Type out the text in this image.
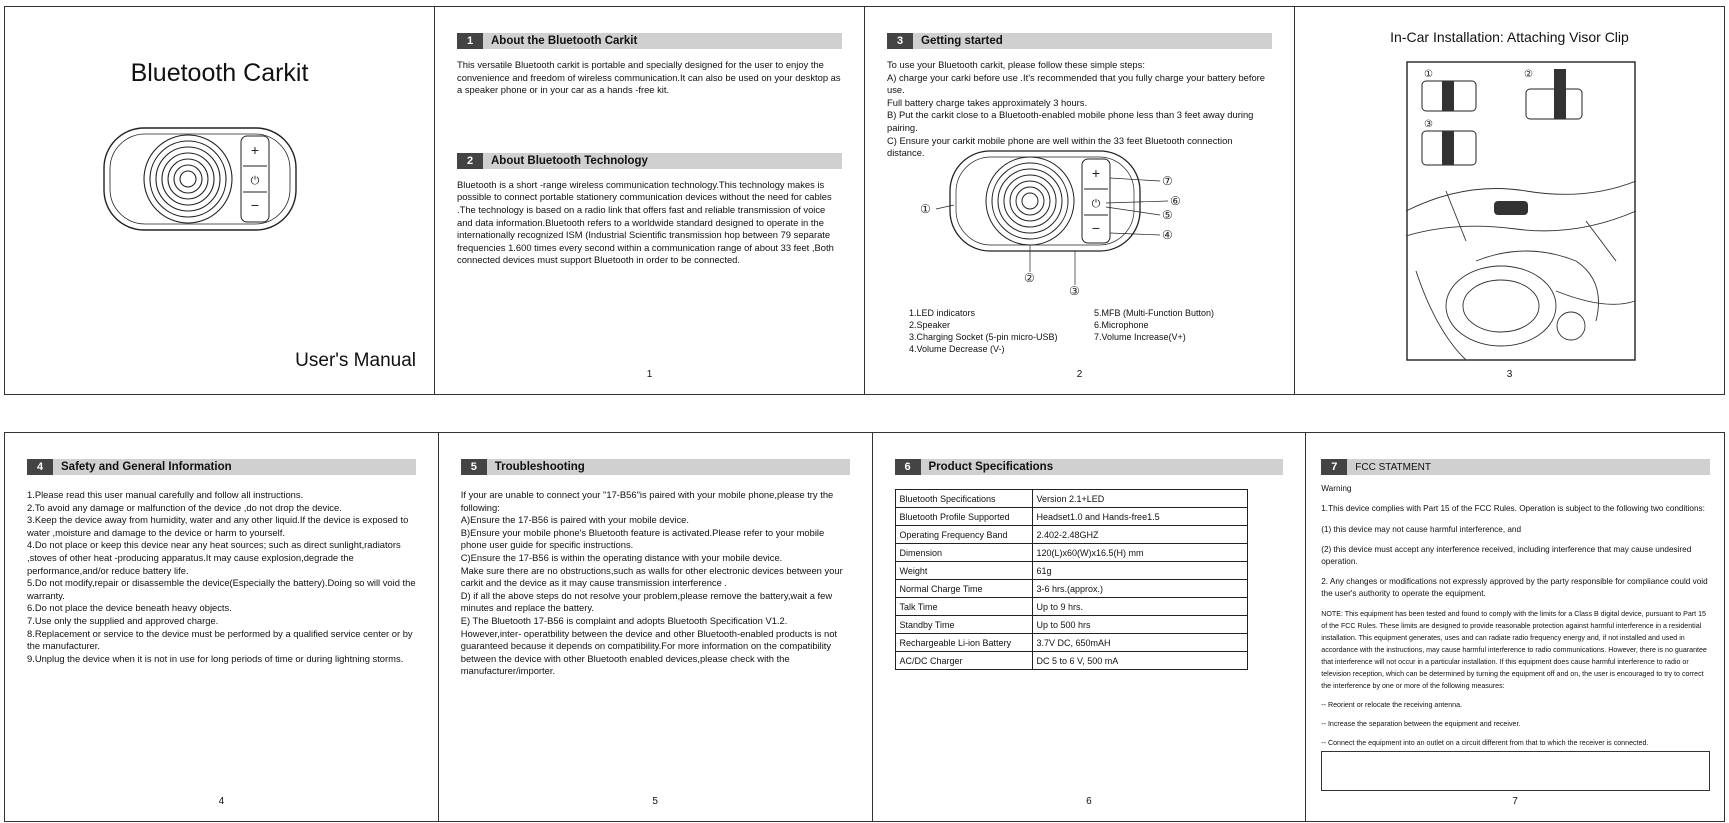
Bluetooth Carkit
+
⏻
−
User's Manual
1	About the Bluetooth Carkit
This versatile Bluetooth carkit is portable and specially designed for the user to enjoy the convenience and freedom of wireless communication.It can also be used on your desktop as a speaker phone or in your car as a hands -free kit.
2	About Bluetooth Technology
Bluetooth is a short -range wireless communication technology.This technology makes is possible to connect portable stationery communication devices without the need for cables .The technology is based on a radio link that offers fast and reliable transmission of voice and data information.Bluetooth refers to a worldwide standard designed to operate in the internationally recognized ISM (Industrial Scientific transmission hop between 79 separate frequencies 1.600 times every second within a communication range of about 33 feet ,Both connected devices must support Bluetooth in order to be connected.
1
3	Getting started

To use your Bluetooth carkit, please follow these simple steps:

A) charge your carki before use .It's recommended that you fully charge your battery before use.

Full battery charge takes approximately 3 hours.

B) Put the carkit close to a Bluetooth-enabled mobile phone less than 3 feet away during pairing.

C) Ensure your carkit mobile phone are well within the 33 feet Bluetooth connection distance.

+
⏻
−
①
②
③
④
⑤
⑥
⑦
1.LED indicators	5.MFB (Multi-Function Button)
2.Speaker	6.Microphone
3.Charging Socket (5-pin micro-USB)	7.Volume Increase(V+)
4.Volume Decrease (V-)
2
In-Car Installation: Attaching Visor Clip
①	②
③
3
4	Safety and General Information

1.Please read this user manual carefully and follow all instructions.

2.To avoid any damage or malfunction of the device ,do not drop the device.

3.Keep the device away from humidity, water and any other liquid.If the device is exposed to water ,moisture and damage to the device or harm to yourself.

4.Do not place or keep this device near any heat sources; such as direct sunlight,radiators ,stoves of other heat -producing apparatus.It may cause explosion,degrade the performance,and/or reduce battery life.

5.Do not modify,repair or disassemble the device(Especially the battery).Doing so will void the warranty.

6.Do not place the device beneath heavy objects.

7.Use only the supplied and approved charge.

8.Replacement or service to the device must be performed by a qualified service center or by the manufacturer.

9.Unplug the device when it is not in use for long periods of time or during lightning storms.

4
5	Troubleshooting

If your are unable to connect your "17-B56"is paired with your mobile phone,please try the following:

A)Ensure the 17-B56 is paired with your mobile device.

B)Ensure your mobile phone's Bluetooth feature is activated.Please refer to your mobile phone user guide for specific instructions.

C)Ensure the 17-B56 is within the operating distance with your mobile device.

Make sure there are no obstructions,such as walls for other electronic devices between your carkit and the device as it may cause transmission interference .

D) if all the above steps do not resolve your problem,please remove the battery,wait a few minutes and replace the battery.

E) The Bluetooth 17-B56 is complaint and adopts Bluetooth Specification V1.2. However,inter- operatbility between the device and other Bluetooth-enabled products is not guaranteed because it depends on compatibility.For more information on the compatibility between the device with other Bluetooth enabled devices,please check with the manufacturer/importer.

5
6	Product Specifications
Bluetooth Specifications	Version 2.1+LED
Bluetooth Profile Supported	Headset1.0 and Hands-free1.5
Operating Frequency Band	2.402-2.48GHZ
Dimension	120(L)x60(W)x16.5(H) mm
Weight	61g
Normal Charge Time	3-6 hrs.(approx.)
Talk Time	Up to 9 hrs.
Standby Time	Up to 500 hrs
Rechargeable Li-ion Battery	3.7V DC, 650mAH
AC/DC Charger	DC 5 to 6 V, 500 mA
6
7	FCC STATMENT

Warning

1.This device complies with Part 15 of the FCC Rules. Operation is subject to the following two conditions:

(1) this device may not cause harmful interference, and

(2) this device must accept any interference received, including interference that may cause undesired operation.

2. Any changes or modifications not expressly approved by the party responsible for compliance could void the user's authority to operate the equipment.

NOTE: This equipment has been tested and found to comply with the limits for a Class B digital device, pursuant to Part 15 of the FCC Rules. These limits are designed to provide reasonable protection against harmful interference in a residential installation. This equipment generates, uses and can radiate radio frequency energy and, if not installed and used in accordance with the instructions, may cause harmful interference to radio communications. However, there is no guarantee that interference will not occur in a particular installation. If this equipment does cause harmful interference to radio or television reception, which can be determined by turning the equipment off and on, the user is encouraged to try to correct the interference by one or more of the following measures:

-- Reorient or relocate the receiving antenna.

-- Increase the separation between the equipment and receiver.

-- Connect the equipment into an outlet on a circuit different from that to which the receiver is connected.

7
